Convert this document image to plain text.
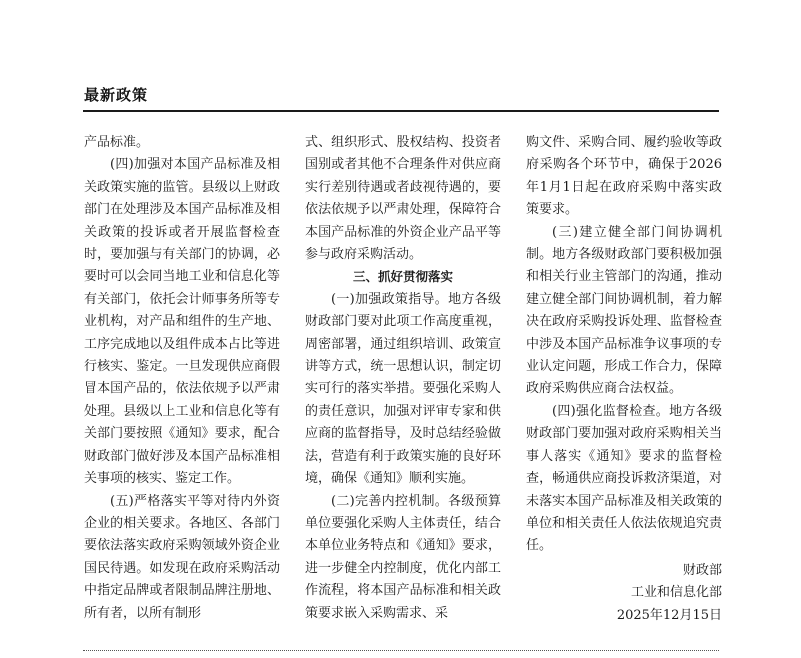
最新政策

产品标准。

(四)加强对本国产品标准及相关政策实施的监管。县级以上财政部门在处理涉及本国产品标准及相关政策的投诉或者开展监督检查时，要加强与有关部门的协调，必要时可以会同当地工业和信息化等有关部门，依托会计师事务所等专业机构，对产品和组件的生产地、工序完成地以及组件成本占比等进行核实、鉴定。一旦发现供应商假冒本国产品的，依法依规予以严肃处理。县级以上工业和信息化等有关部门要按照《通知》要求，配合财政部门做好涉及本国产品标准相关事项的核实、鉴定工作。

(五)严格落实平等对待内外资企业的相关要求。各地区、各部门要依法落实政府采购领域外资企业国民待遇。如发现在政府采购活动中指定品牌或者限制品牌注册地、所有者，以所有制形

式、组织形式、股权结构、投资者国别或者其他不合理条件对供应商实行差别待遇或者歧视待遇的，要依法依规予以严肃处理，保障符合本国产品标准的外资企业产品平等参与政府采购活动。

三、抓好贯彻落实

(一)加强政策指导。地方各级财政部门要对此项工作高度重视，周密部署，通过组织培训、政策宣讲等方式，统一思想认识，制定切实可行的落实举措。要强化采购人的责任意识，加强对评审专家和供应商的监督指导，及时总结经验做法，营造有利于政策实施的良好环境，确保《通知》顺利实施。

(二)完善内控机制。各级预算单位要强化采购人主体责任，结合本单位业务特点和《通知》要求，进一步健全内控制度，优化内部工作流程，将本国产品标准和相关政策要求嵌入采购需求、采

购文件、采购合同、履约验收等政府采购各个环节中，确保于2026年1月1日起在政府采购中落实政策要求。

(三)建立健全部门间协调机制。地方各级财政部门要积极加强和相关行业主管部门的沟通，推动建立健全部门间协调机制，着力解决在政府采购投诉处理、监督检查中涉及本国产品标准争议事项的专业认定问题，形成工作合力，保障政府采购供应商合法权益。

(四)强化监督检查。地方各级财政部门要加强对政府采购相关当事人落实《通知》要求的监督检查，畅通供应商投诉救济渠道，对未落实本国产品标准及相关政策的单位和相关责任人依法依规追究责任。

财政部
工业和信息化部
2025年12月15日
